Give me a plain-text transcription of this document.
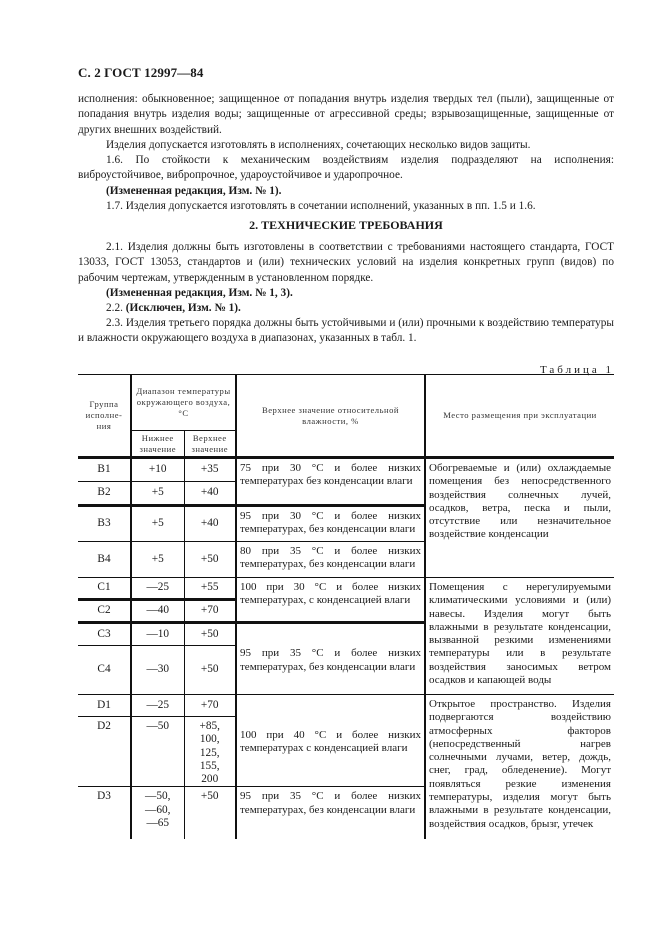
С. 2 ГОСТ 12997—84
исполнения: обыкновенное; защищенное от попадания внутрь изделия твердых тел (пыли), защищенные от попадания внутрь изделия воды; защищенные от агрессивной среды; взрывозащищенные, защищенные от других внешних воздействий.
Изделия допускается изготовлять в исполнениях, сочетающих несколько видов защиты.
1.6. По стойкости к механическим воздействиям изделия подразделяют на исполнения: виброустойчивое, вибропрочное, удароустойчивое и ударопрочное.
(Измененная редакция, Изм. № 1).
1.7. Изделия допускается изготовлять в сочетании исполнений, указанных в пп. 1.5 и 1.6.
2. ТЕХНИЧЕСКИЕ ТРЕБОВАНИЯ
2.1. Изделия должны быть изготовлены в соответствии с требованиями настоящего стандарта, ГОСТ 13033, ГОСТ 13053, стандартов и (или) технических условий на изделия конкретных групп (видов) по рабочим чертежам, утвержденным в установленном порядке.
(Измененная редакция, Изм. № 1, 3).
2.2. (Исключен, Изм. № 1).
2.3. Изделия третьего порядка должны быть устойчивыми и (или) прочными к воздействию температуры и влажности окружающего воздуха в диапазонах, указанных в табл. 1.
Таблица 1
Группа исполне-ния	Диапазон температуры окружающего воздуха, °С		Верхнее значение относительной влажности, %	Место размещения при эксплуатации
	Нижнее значение	Верхнее значение		
B1	+10	+35	75 при 30 °С и более низких температурах без конденсации влаги	Обогреваемые и (или) охлаждаемые помещения без непосредственного воздействия солнечных лучей, осадков, ветра, песка и пыли, отсутствие или незначительное воздействие конденсации
B2	+5	+40		
B3	+5	+40	95 при 30 °С и более низких температурах, без конденсации влаги	
B4	+5	+50	80 при 35 °С и более низких температурах, без конденсации влаги	
C1	—25	+55	100 при 30 °С и более низких температурах, с конденсацией влаги	Помещения с нерегулируемыми климатическими условиями и (или) навесы. Изделия могут быть влажными в результате конденсации, вызванной резкими изменениями температуры или в результате воздействия заносимых ветром осадков и капающей воды
C2	—40	+70		
C3	—10	+50	95 при 35 °С и более низких температурах, без конденсации влаги	
C4	—30	+50		
D1	—25	+70	100 при 40 °С и более низких температурах с конденсацией влаги	Открытое пространство. Изделия подвергаются воздействию атмосферных факторов (непосредственный нагрев солнечными лучами, ветер, дождь, снег, град, обледенение). Могут появляться резкие изменения температуры, изделия могут быть влажными в результате конденсации, воздействия осадков, брызг, утечек
D2	—50	+85, 100, 125, 155, 200		
D3	—50, —60, —65	+50	95 при 35 °С и более низких температурах, без конденсации влаги	
